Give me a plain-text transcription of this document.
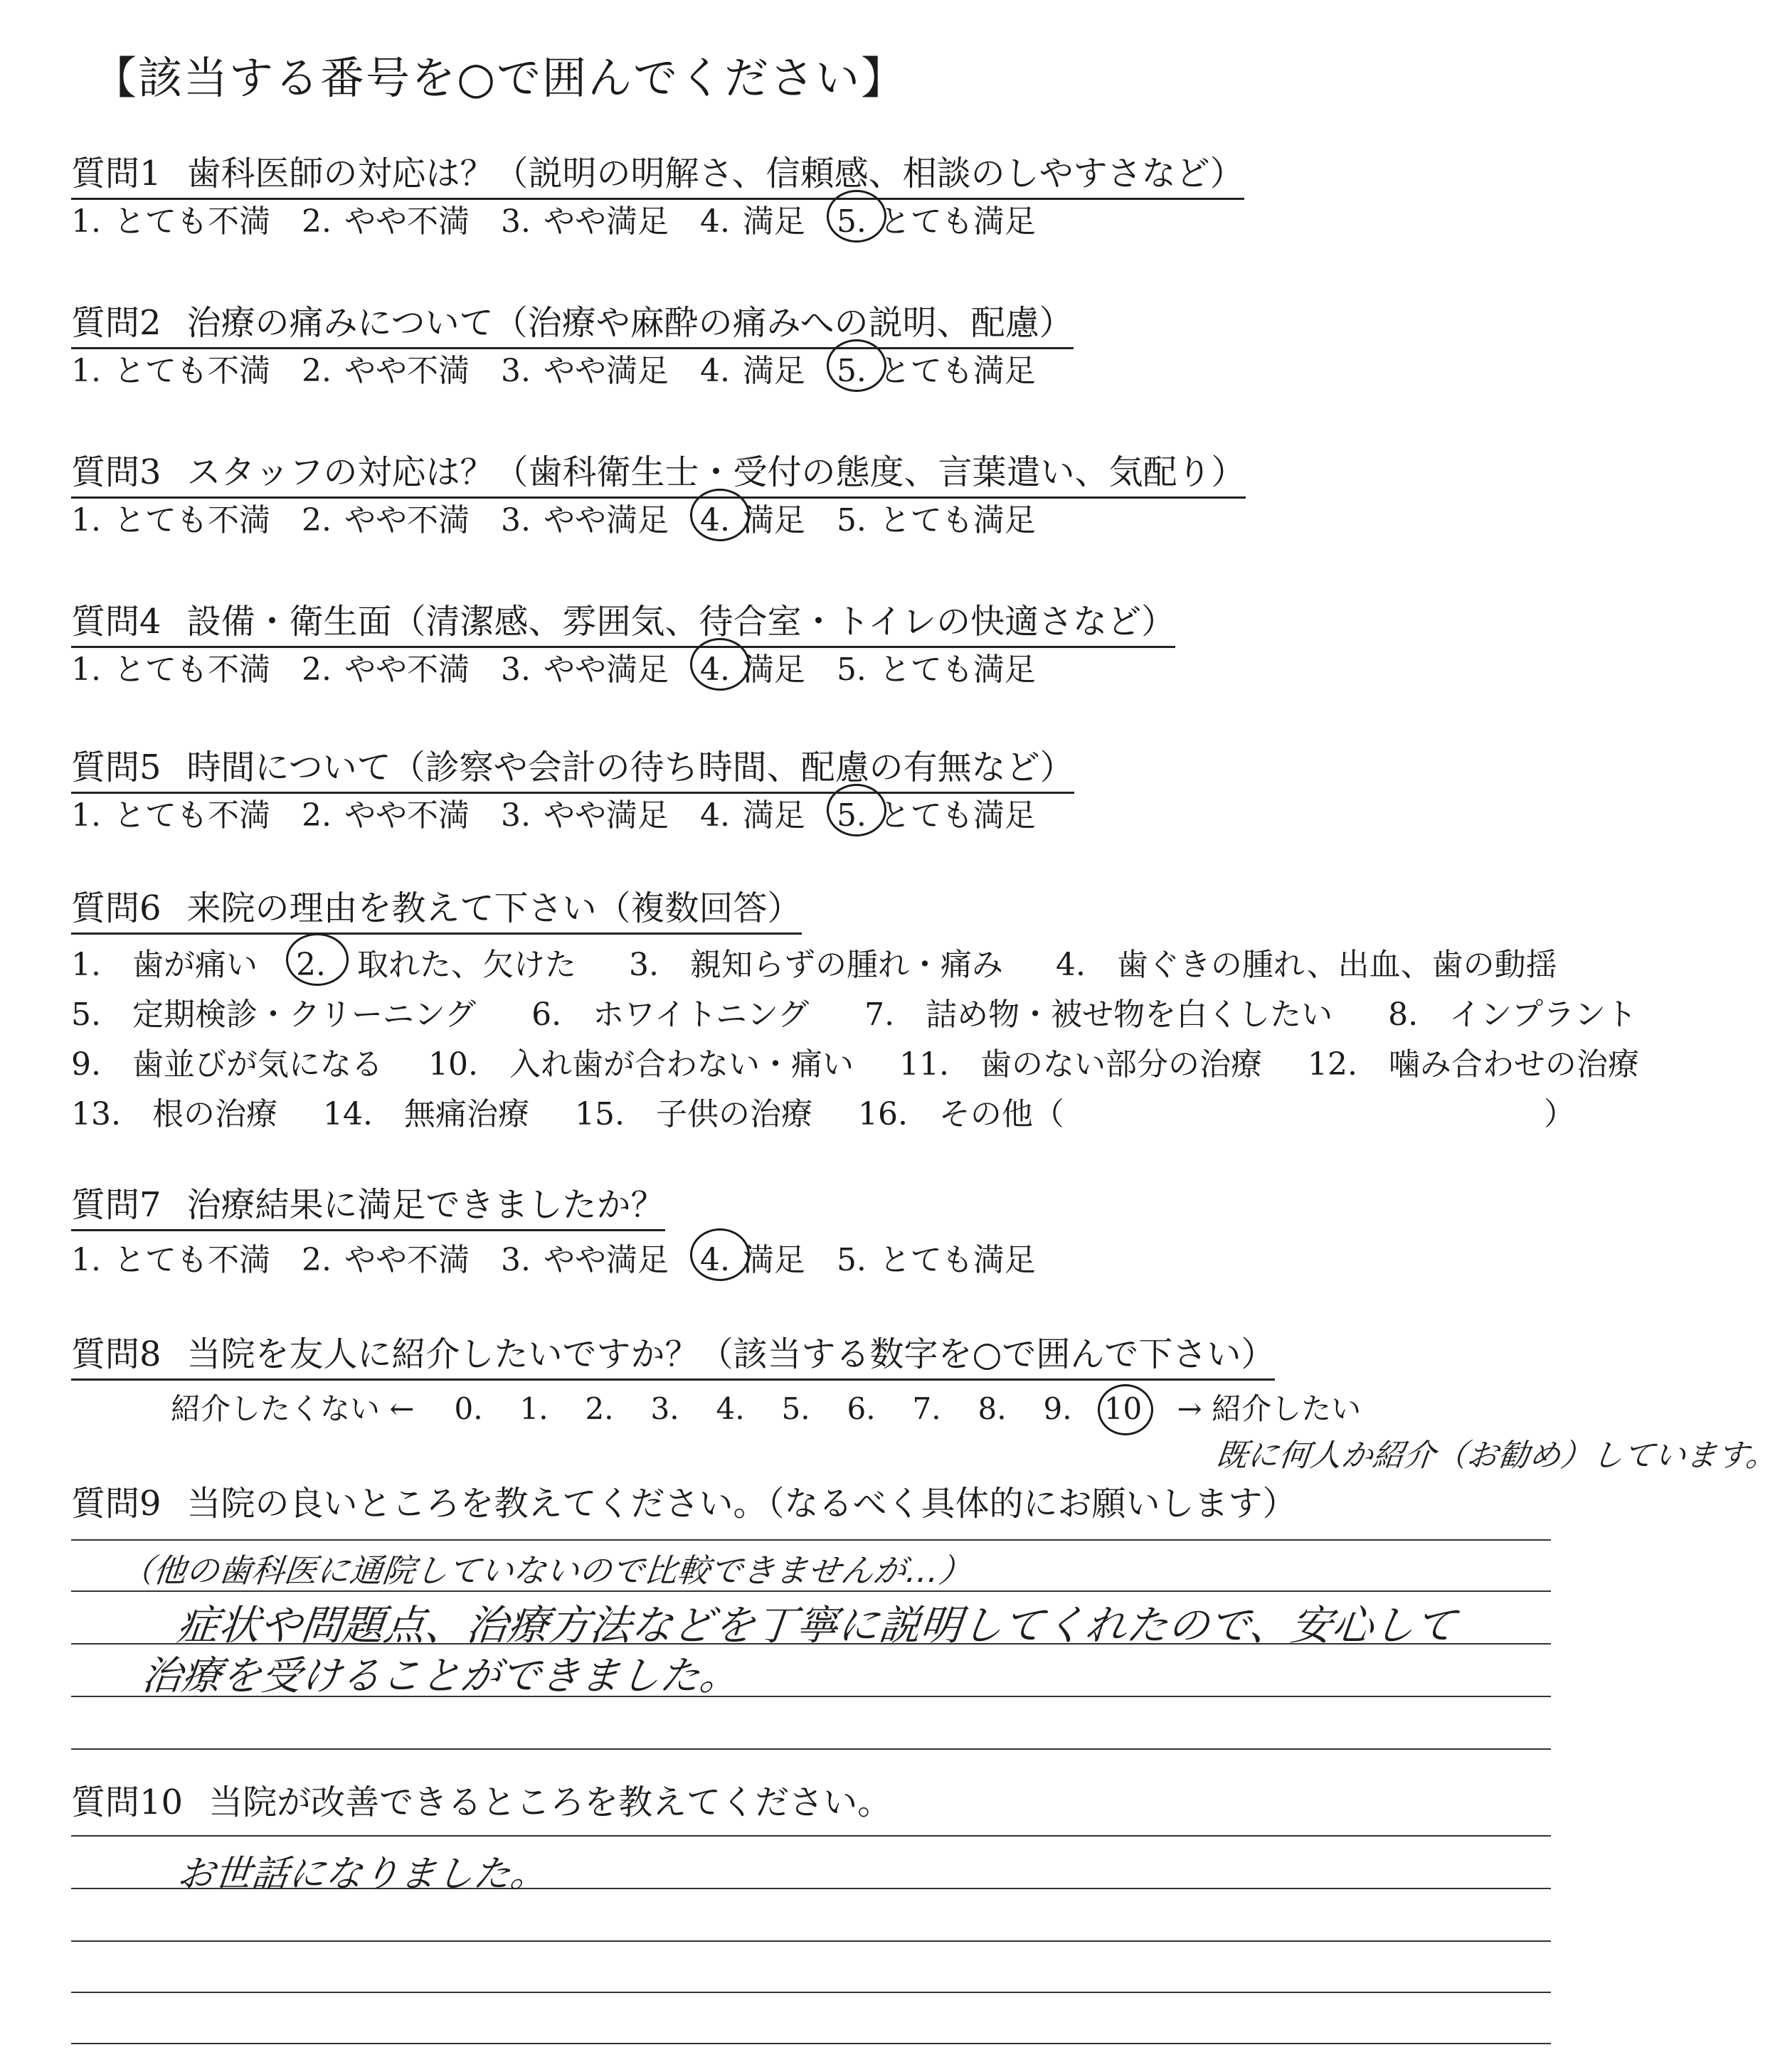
【該当する番号を○で囲んでください】
質問1 歯科医師の対応は？（説明の明解さ、信頼感、相談のしやすさなど）
1. とても不満 2. やや不満 3. やや満足 4. 満足 5. とても満足
質問2 治療の痛みについて（治療や麻酔の痛みへの説明、配慮）
1. とても不満 2. やや不満 3. やや満足 4. 満足 5. とても満足
質問3 スタッフの対応は？（歯科衛生士・受付の態度、言葉遣い、気配り）
1. とても不満 2. やや不満 3. やや満足 4. 満足 5. とても満足
質問4 設備・衛生面（清潔感、雰囲気、待合室・トイレの快適さなど）
1. とても不満 2. やや不満 3. やや満足 4. 満足 5. とても満足
質問5 時間について（診察や会計の待ち時間、配慮の有無など）
1. とても不満 2. やや不満 3. やや満足 4. 満足 5. とても満足
質問6 来院の理由を教えて下さい（複数回答）
1.　歯が痛い 2.　取れた、欠けた 3.　親知らずの腫れ・痛み 4.　歯ぐきの腫れ、出血、歯の動揺
5.　定期検診・クリーニング 6.　ホワイトニング 7.　詰め物・被せ物を白くしたい 8.　インプラント
9.　歯並びが気になる 10.　入れ歯が合わない・痛い 11.　歯のない部分の治療 12.　噛み合わせの治療
13.　根の治療 14.　無痛治療 15.　子供の治療 16.　その他（	）
質問7 治療結果に満足できましたか？
1. とても不満 2. やや不満 3. やや満足 4. 満足 5. とても満足
質問8 当院を友人に紹介したいですか？（該当する数字を○で囲んで下さい）
紹介したくない ← 0. 1. 2. 3. 4. 5. 6. 7. 8. 9. 10 → 紹介したい
既に何人か紹介（お勧め）しています。
質問9 当院の良いところを教えてください。（なるべく具体的にお願いします）
（他の歯科医に通院していないので比較できませんが…）
症状や問題点、治療方法などを丁寧に説明してくれたので、安心して
治療を受けることができました。
質問10 当院が改善できるところを教えてください。
お世話になりました。
